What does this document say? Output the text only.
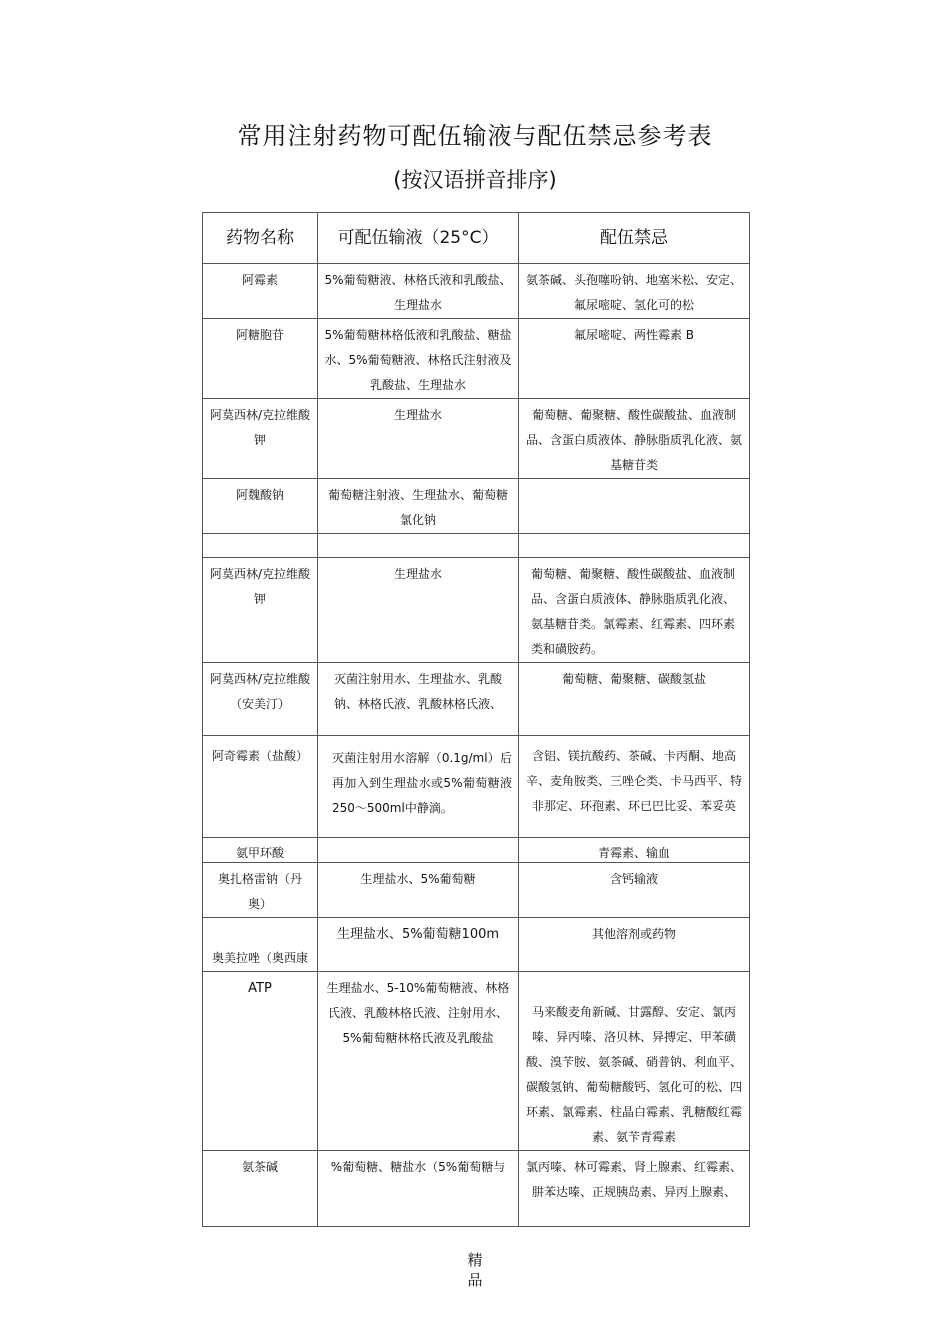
常用注射药物可配伍输液与配伍禁忌参考表
(按汉语拼音排序)
药物名称	可配伍输液（25°C）	配伍禁忌

阿霉素	5%葡萄糖液、林格氏液和乳酸盐、生理盐水	氨茶碱、头孢噻吩钠、地塞米松、安定、氟尿嘧啶、氢化可的松

阿糖胞苷	5%葡萄糖林格低液和乳酸盐、糖盐水、5%葡萄糖液、林格氏注射液及乳酸盐、生理盐水	氟尿嘧啶、两性霉素 B

阿莫西林/克拉维酸钾	生理盐水	葡萄糖、葡聚糖、酸性碳酸盐、血液制品、含蛋白质液体、静脉脂质乳化液、氨基糖苷类

阿魏酸钠	葡萄糖注射液、生理盐水、葡萄糖氯化钠	

阿莫西林/克拉维酸钾	生理盐水	葡萄糖、葡聚糖、酸性碳酸盐、血液制品、含蛋白质液体、静脉脂质乳化液、氨基糖苷类。氯霉素、红霉素、四环素类和磺胺药。

阿莫西林/克拉维酸（安美汀）	灭菌注射用水、生理盐水、乳酸钠、林格氏液、乳酸林格氏液、	葡萄糖、葡聚糖、碳酸氢盐

阿奇霉素（盐酸）	灭菌注射用水溶解（0.1g/ml）后再加入到生理盐水或5%葡萄糖液250～500ml中静滴。	含铝、镁抗酸药、茶碱、卡丙酮、地高辛、麦角胺类、三唑仑类、卡马西平、特非那定、环孢素、环已巴比妥、苯妥英

氨甲环酸		青霉素、输血

奥扎格雷钠（丹奥）	生理盐水、5%葡萄糖	含钙输液

奥美拉唑（奥西康	生理盐水、5%葡萄糖100m	其他溶剂或药物

ATP	生理盐水、5-10%葡萄糖液、林格氏液、乳酸林格氏液、注射用水、5%葡萄糖林格氏液及乳酸盐	马来酸麦角新碱、甘露醇、安定、氯丙嗪、异丙嗪、洛贝林、异搏定、甲苯磺酸、溴苄胺、氨茶碱、硝普钠、利血平、碳酸氢钠、葡萄糖酸钙、氢化可的松、四环素、氯霉素、柱晶白霉素、乳糖酸红霉素、氨苄青霉素

氨茶碱	%葡萄糖、糖盐水（5%葡萄糖与	氯丙嗪、林可霉素、肾上腺素、红霉素、肼苯达嗪、正规胰岛素、异丙上腺素、
精
品
